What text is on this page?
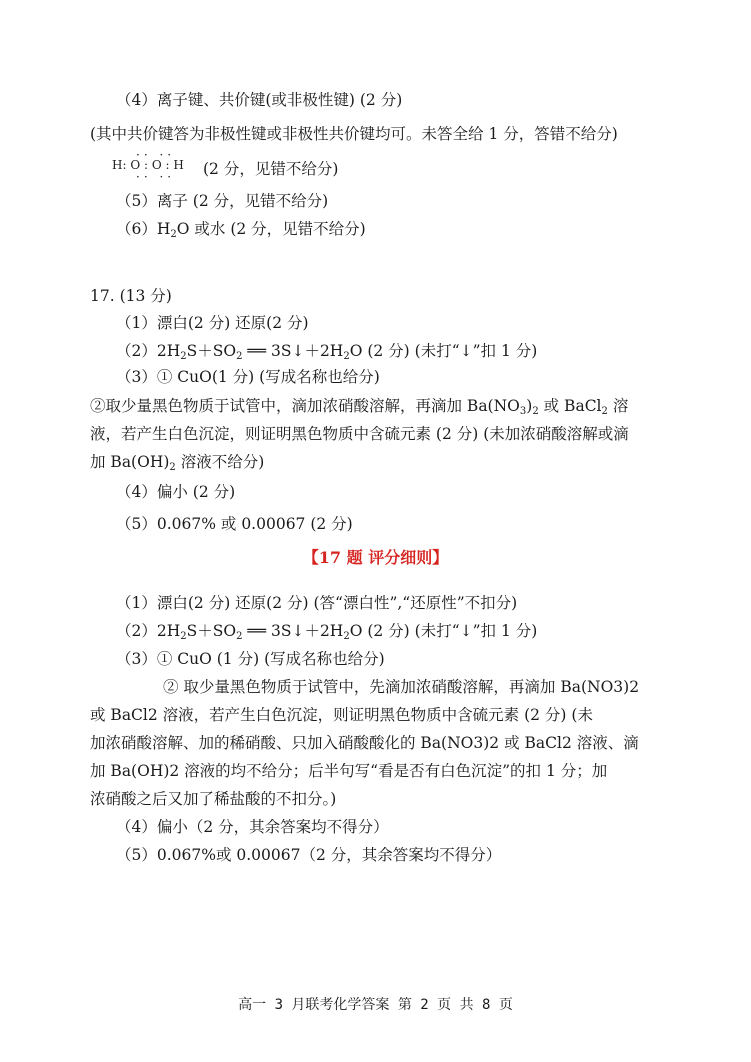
（4）离子键、共价键(或非极性键) (2 分)
(其中共价键答为非极性键或非极性共价键均可。未答全给 1 分，答错不给分)
·· ··
H: O : O : H
·· ·· (2 分，见错不给分)
（5）离子 (2 分，见错不给分)
$(6)H_2O$ 或水 (2 分，见错不给分)
17. (13 分)
（1）漂白(2 分) 还原(2 分)
$(2)2H_2S+SO_2$ ══ $3S↓+2H_2O$ (2 分) (未打“↓”扣 1 分)
（3）① CuO(1 分) (写成名称也给分)
②取少量黑色物质于试管中，滴加浓硝酸溶解，再滴加 $Ba(NO_3)_2$ 或 BaCl$_2$ 溶
液，若产生白色沉淀，则证明黑色物质中含硫元素 (2 分) (未加浓硝酸溶解或滴
加 $Ba(OH)_2$ 溶液不给分)
（4）偏小 (2 分)
（5）0.067% 或 0.00067 (2 分)
【17 题 评分细则】
（1）漂白(2 分) 还原(2 分) (答“漂白性”,“还原性”不扣分)
$(2)2H_2S+SO_2$ ══ $3S↓+2H_2O$ (2 分) (未打“↓”扣 1 分)
（3）① CuO (1 分) (写成名称也给分)
② 取少量黑色物质于试管中，先滴加浓硝酸溶解，再滴加 Ba(NO3)2
或 BaCl2 溶液，若产生白色沉淀，则证明黑色物质中含硫元素 (2 分) (未
加浓硝酸溶解、加的稀硝酸、只加入硝酸酸化的 Ba(NO3)2 或 BaCl2 溶液、滴
加 Ba(OH)2 溶液的均不给分；后半句写“看是否有白色沉淀”的扣 1 分；加
浓硝酸之后又加了稀盐酸的不扣分。)
（4）偏小（2 分，其余答案均不得分）
（5）0.067%或 0.00067（2 分，其余答案均不得分）
高一 3 月联考化学答案 第 2 页 共 8 页
